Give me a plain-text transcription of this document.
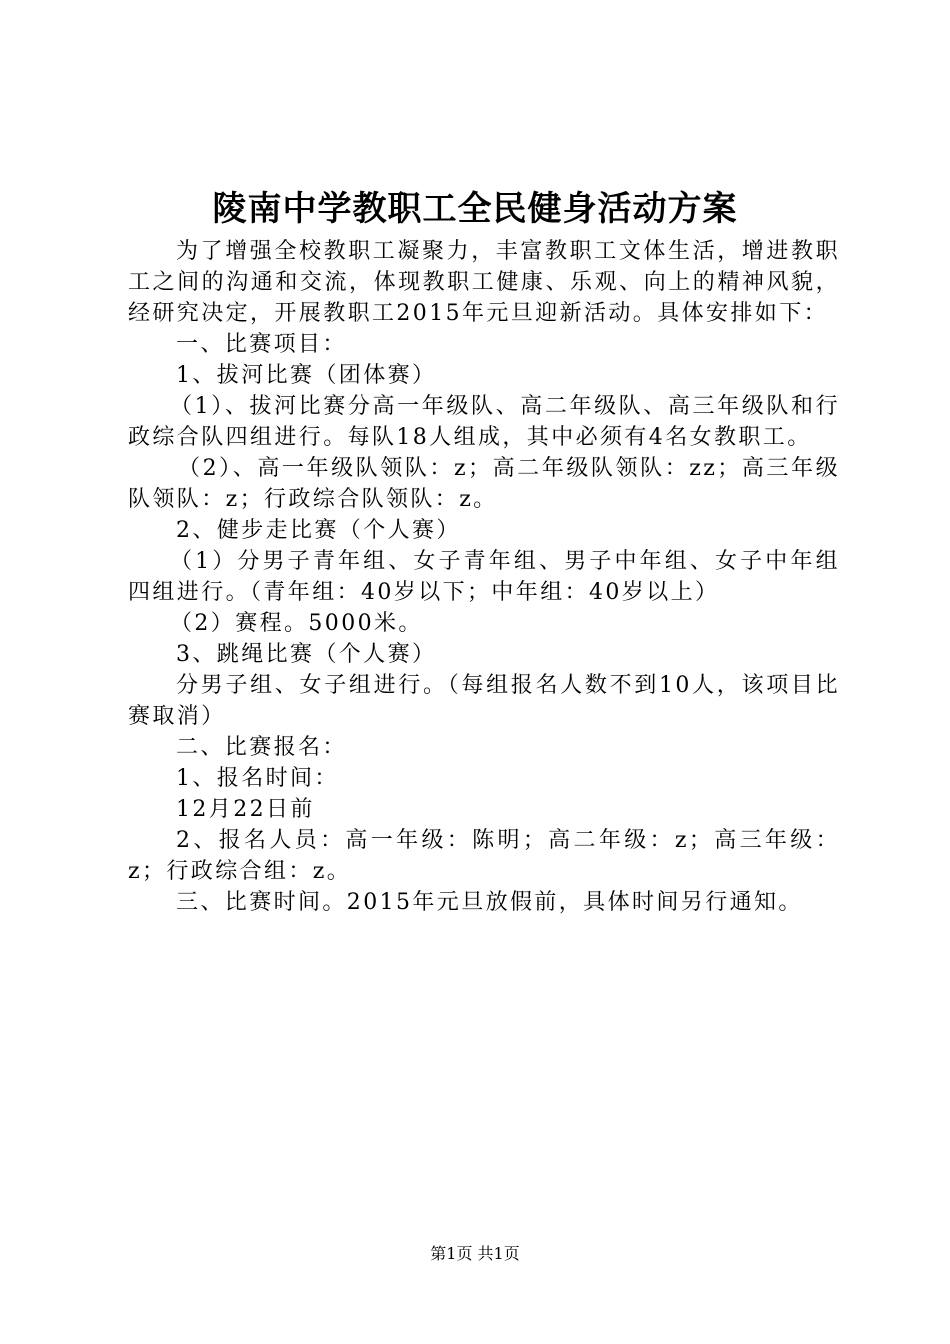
陵南中学教职工全民健身活动方案

为了增强全校教职工凝聚力，丰富教职工文体生活，增进教职工之间的沟通和交流，体现教职工健康、乐观、向上的精神风貌，经研究决定，开展教职工2015年元旦迎新活动。具体安排如下：

一、比赛项目：

1、拔河比赛（团体赛）

（1）、拔河比赛分高一年级队、高二年级队、高三年级队和行政综合队四组进行。每队18人组成，其中必须有4名女教职工。

（2）、高一年级队领队：z；高二年级队领队：zz；高三年级队领队：z；行政综合队领队：z。

2、健步走比赛（个人赛）

（1）分男子青年组、女子青年组、男子中年组、女子中年组四组进行。（青年组：40岁以下；中年组：40岁以上）

（2）赛程。5000米。

3、跳绳比赛（个人赛）

分男子组、女子组进行。（每组报名人数不到10人，该项目比赛取消）

二、比赛报名：

1、报名时间：

12月22日前

2、报名人员：高一年级：陈明；高二年级：z；高三年级：z；行政综合组：z。

三、比赛时间。2015年元旦放假前，具体时间另行通知。

第1页 共1页
